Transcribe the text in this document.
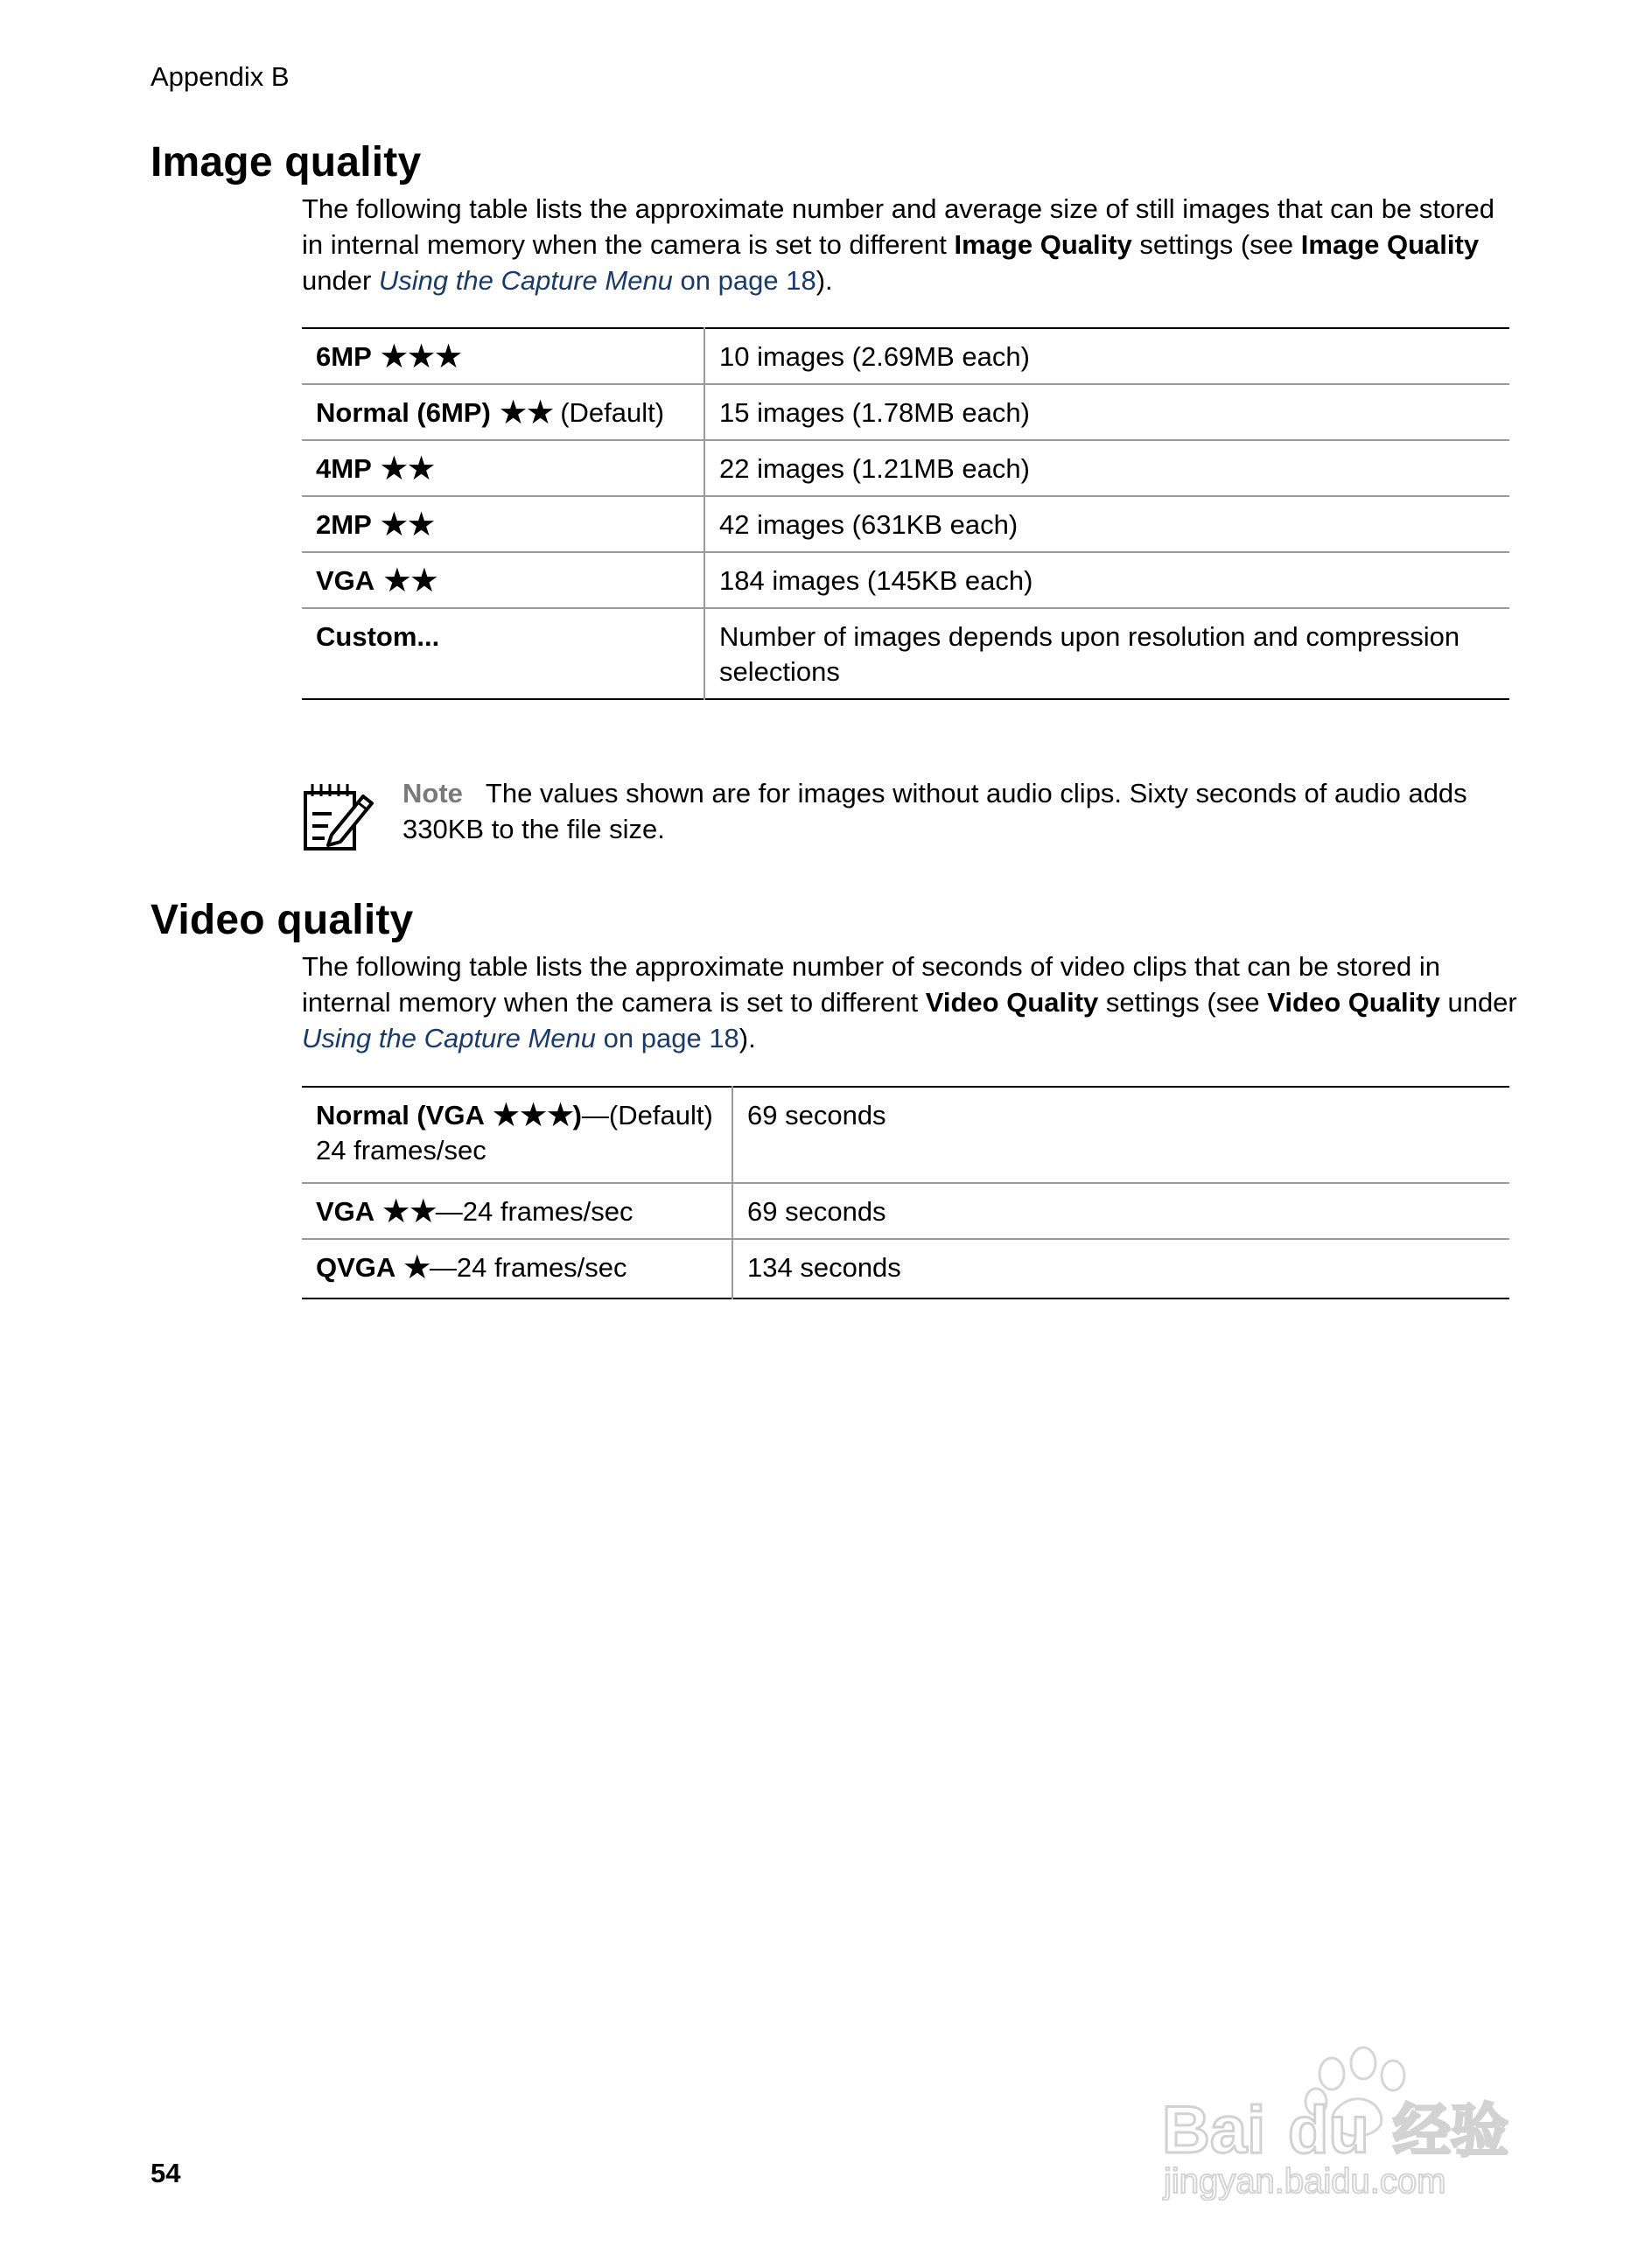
Appendix B
Image quality

The following table lists the approximate number and average size of still images that can be stored in internal memory when the camera is set to different Image Quality settings (see Image Quality under Using the Capture Menu on page 18).

6MP ★★★	10 images (2.69MB each)
Normal (6MP) ★★ (Default)	15 images (1.78MB each)
4MP ★★	22 images (1.21MB each)
2MP ★★	42 images (631KB each)
VGA ★★	184 images (145KB each)
Custom...	Number of images depends upon resolution and compression selections

Note The values shown are for images without audio clips. Sixty seconds of audio adds 330KB to the file size.

Video quality

The following table lists the approximate number of seconds of video clips that can be stored in internal memory when the camera is set to different Video Quality settings (see Video Quality under Using the Capture Menu on page 18).

Normal (VGA ★★★)—(Default) 24 frames/sec	69 seconds
VGA ★★—24 frames/sec	69 seconds
QVGA ★—24 frames/sec	134 seconds
54
Bai du 经验
jingyan.baidu.com
